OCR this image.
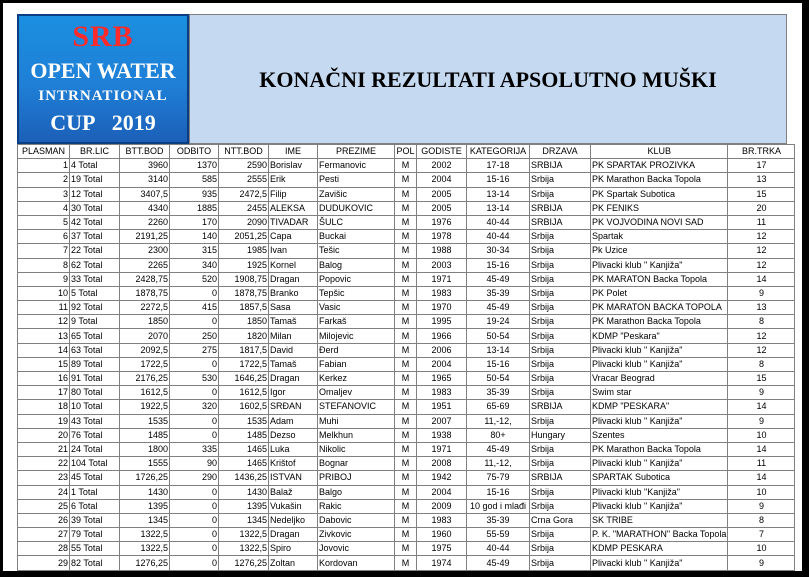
SRB
OPEN WATER
INTRNATIONAL
CUP 2019
KONAČNI REZULTATI APSOLUTNO MUŠKI
PLASMAN	BR.LIC	BTT.BOD	ODBITO	NTT.BOD	IME	PREZIME	POL	GODISTE	KATEGORIJA	DRZAVA	KLUB	BR.TRKA
1	4 Total	3960	1370	2590	Borislav	Fermanovic	M	2002	17-18	SRBIJA	PK SPARTAK PROZIVKA	17
2	19 Total	3140	585	2555	Erik	Pesti	M	2004	15-16	Srbija	PK Marathon Backa Topola	13
3	12 Total	3407,5	935	2472,5	Filip	Zavišic	M	2005	13-14	Srbija	PK Spartak Subotica	15
4	30 Total	4340	1885	2455	ALEKSA	DUDUKOVIC	M	2005	13-14	SRBIJA	PK FENIKS	20
5	42 Total	2260	170	2090	TIVADAR	ŠULC	M	1976	40-44	SRBIJA	PK VOJVODINA NOVI SAD	11
6	37 Total	2191,25	140	2051,25	Capa	Buckai	M	1978	40-44	Srbija	Spartak	12
7	22 Total	2300	315	1985	Ivan	Tešic	M	1988	30-34	Srbija	Pk Uzice	12
8	62 Total	2265	340	1925	Kornel	Balog	M	2003	15-16	Srbija	Plivacki klub " Kanjiža"	12
9	33 Total	2428,75	520	1908,75	Dragan	Popovic	M	1971	45-49	Srbija	PK MARATON Backa Topola	14
10	5 Total	1878,75	0	1878,75	Branko	Tepšic	M	1983	35-39	Srbija	PK Polet	9
11	92 Total	2272,5	415	1857,5	Sasa	Vasic	M	1970	45-49	Srbija	PK MARATON BACKA TOPOLA	13
12	9 Total	1850	0	1850	Tamaš	Farkaš	M	1995	19-24	Srbija	PK Marathon Backa Topola	8
13	65 Total	2070	250	1820	Milan	Milojevic	M	1966	50-54	Srbija	KDMP "Peskara"	12
14	63 Total	2092,5	275	1817,5	David	Đerd	M	2006	13-14	Srbija	Plivacki klub " Kanjiža"	12
15	89 Total	1722,5	0	1722,5	Tamaš	Fabian	M	2004	15-16	Srbija	Plivacki klub " Kanjiža"	8
16	91 Total	2176,25	530	1646,25	Dragan	Kerkez	M	1965	50-54	Srbija	Vracar Beograd	15
17	80 Total	1612,5	0	1612,5	Igor	Omaljev	M	1983	35-39	Srbija	Swim star	9
18	10 Total	1922,5	320	1602,5	SRĐAN	STEFANOVIC	M	1951	65-69	SRBIJA	KDMP "PESKARA"	14
19	43 Total	1535	0	1535	Adam	Muhi	M	2007	11,-12,	Srbija	Plivacki klub " Kanjiža"	9
20	76 Total	1485	0	1485	Dezso	Melkhun	M	1938	80+	Hungary	Szentes	10
21	24 Total	1800	335	1465	Luka	Nikolic	M	1971	45-49	Srbija	PK Marathon Backa Topola	14
22	104 Total	1555	90	1465	Krištof	Bognar	M	2008	11,-12,	Srbija	Plivacki klub " Kanjiža"	11
23	45 Total	1726,25	290	1436,25	ISTVAN	PRIBOJ	M	1942	75-79	SRBIJA	SPARTAK Subotica	14
24	1 Total	1430	0	1430	Balaž	Balgo	M	2004	15-16	Srbija	Plivacki klub "Kanjiža"	10
25	6 Total	1395	0	1395	Vukašin	Rakic	M	2009	10 god i mlađi	Srbija	Plivacki klub " Kanjiža"	9
26	39 Total	1345	0	1345	Nedeljko	Dabovic	M	1983	35-39	Crna Gora	SK TRIBE	8
27	79 Total	1322,5	0	1322,5	Dragan	Zivkovic	M	1960	55-59	Srbija	P. K. "MARATHON" Backa Topola	7
28	55 Total	1322,5	0	1322,5	Spiro	Jovovic	M	1975	40-44	Srbija	KDMP PESKARA	10
29	82 Total	1276,25	0	1276,25	Zoltan	Kordovan	M	1974	45-49	Srbija	Plivacki klub " Kanjiža"	9
